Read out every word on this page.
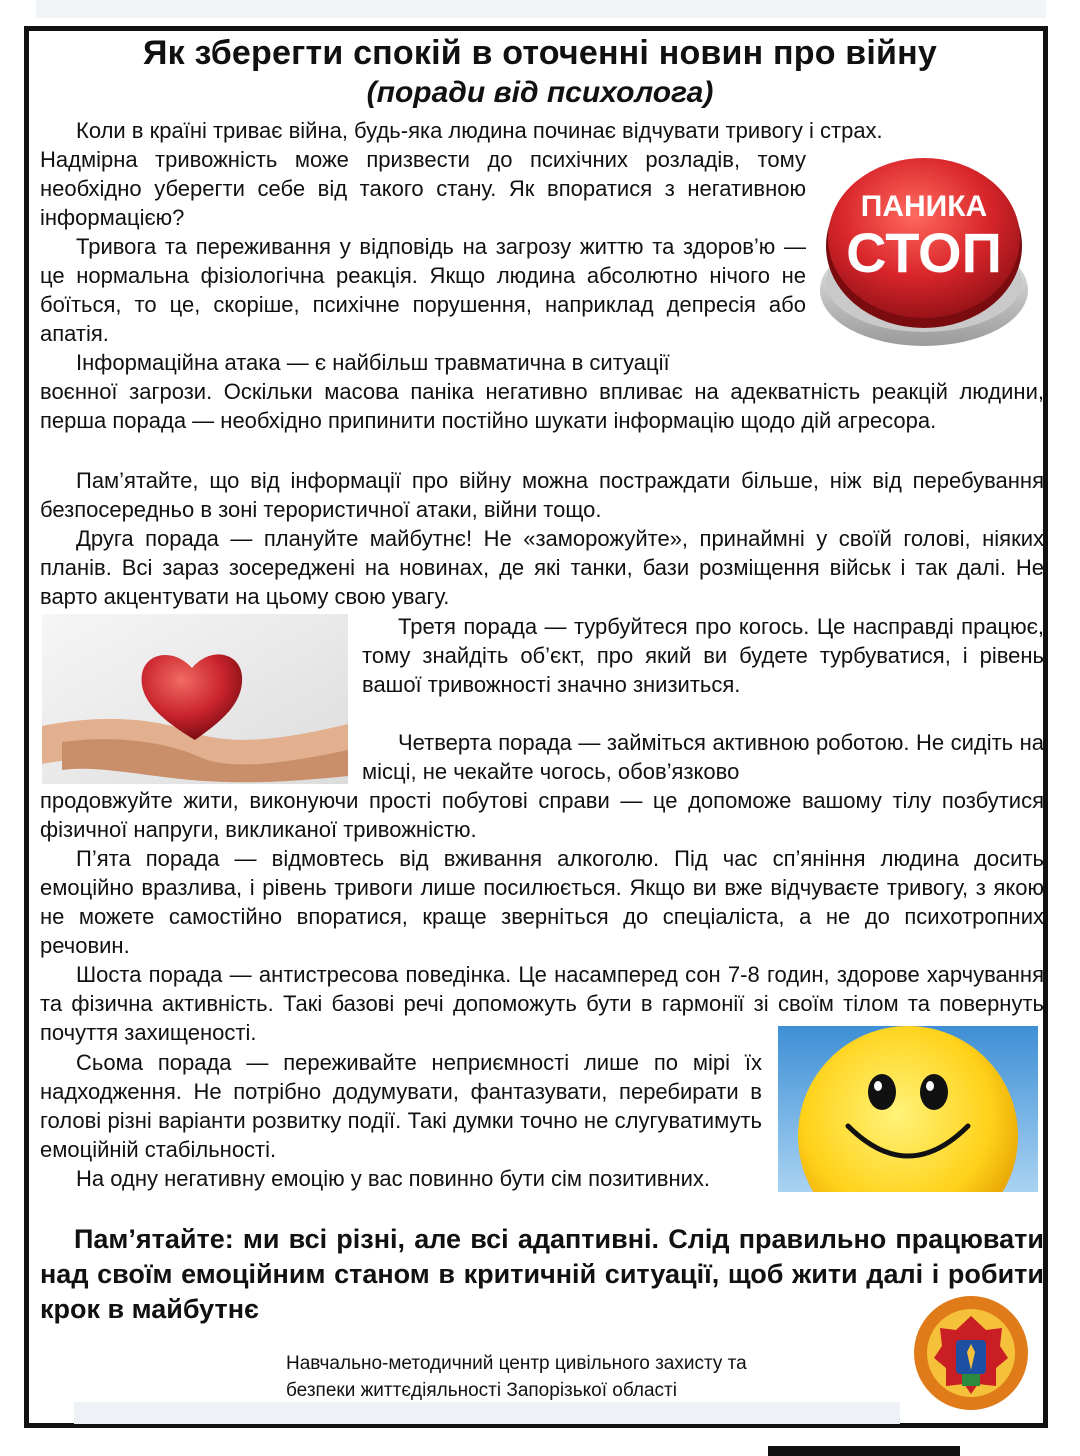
Як зберегти спокій в оточенні новин про війну
(поради від психолога)

Коли в країні триває війна, будь-яка людина починає відчувати тривогу і страх.

Надмірна тривожність може призвести до психічних розладів, тому необхідно уберегти себе від такого стану. Як впоратися з негативною інформацією?

Тривога та переживання у відповідь на загрозу життю та здоров’ю — це нормальна фізіологічна реакція. Якщо людина абсолютно нічого не боїться, то це, скоріше, психічне порушення, наприклад депресія або апатія.

Інформаційна атака — є найбільш травматична в ситуації

воєнної загрози. Оскільки масова паніка негативно впливає на адекватність реакцій людини, перша порада — необхідно припинити постійно шукати інформацію щодо дій агресора.

Пам’ятайте, що від інформації про війну можна постраждати більше, ніж від перебування безпосередньо в зоні терористичної атаки, війни тощо.

Друга порада — плануйте майбутнє! Не «заморожуйте», принаймні у своїй голові, ніяких планів. Всі зараз зосереджені на новинах, де які танки, бази розміщення військ і так далі. Не варто акцентувати на цьому свою увагу.

Третя порада — турбуйтеся про когось. Це насправді працює, тому знайдіть об’єкт, про який ви будете турбуватися, і рівень вашої тривожності значно знизиться.

Четверта порада — займіться активною роботою. Не сидіть на місці, не чекайте чогось, обов’язково

продовжуйте жити, виконуючи прості побутові справи — це допоможе вашому тілу позбутися фізичної напруги, викликаної тривожністю.

П’ята порада — відмовтесь від вживання алкоголю. Під час сп’яніння людина досить емоційно вразлива, і рівень тривоги лише посилюється. Якщо ви вже відчуваєте тривогу, з якою не можете самостійно впоратися, краще зверніться до спеціаліста, а не до психотропних речовин.

Шоста порада — антистресова поведінка. Це насамперед сон 7-8 годин, здорове харчування та фізична активність. Такі базові речі допоможуть бути в гармонії зі своїм тілом та повернуть почуття захищеності.

Сьома порада — переживайте неприємності лише по мірі їх надходження. Не потрібно додумувати, фантазувати, перебирати в голові різні варіанти розвитку події. Такі думки точно не слугуватимуть емоційній стабільності.

На одну негативну емоцію у вас повинно бути сім позитивних.

Пам’ятайте: ми всі різні, але всі адаптивні. Слід правильно працювати над своїм емоційним станом в критичній ситуації, щоб жити далі і робити крок в майбутнє

ПАНИКА
СТОП
Навчально-методичний центр цивільного захисту та
безпеки життєдіяльності Запорізької області
